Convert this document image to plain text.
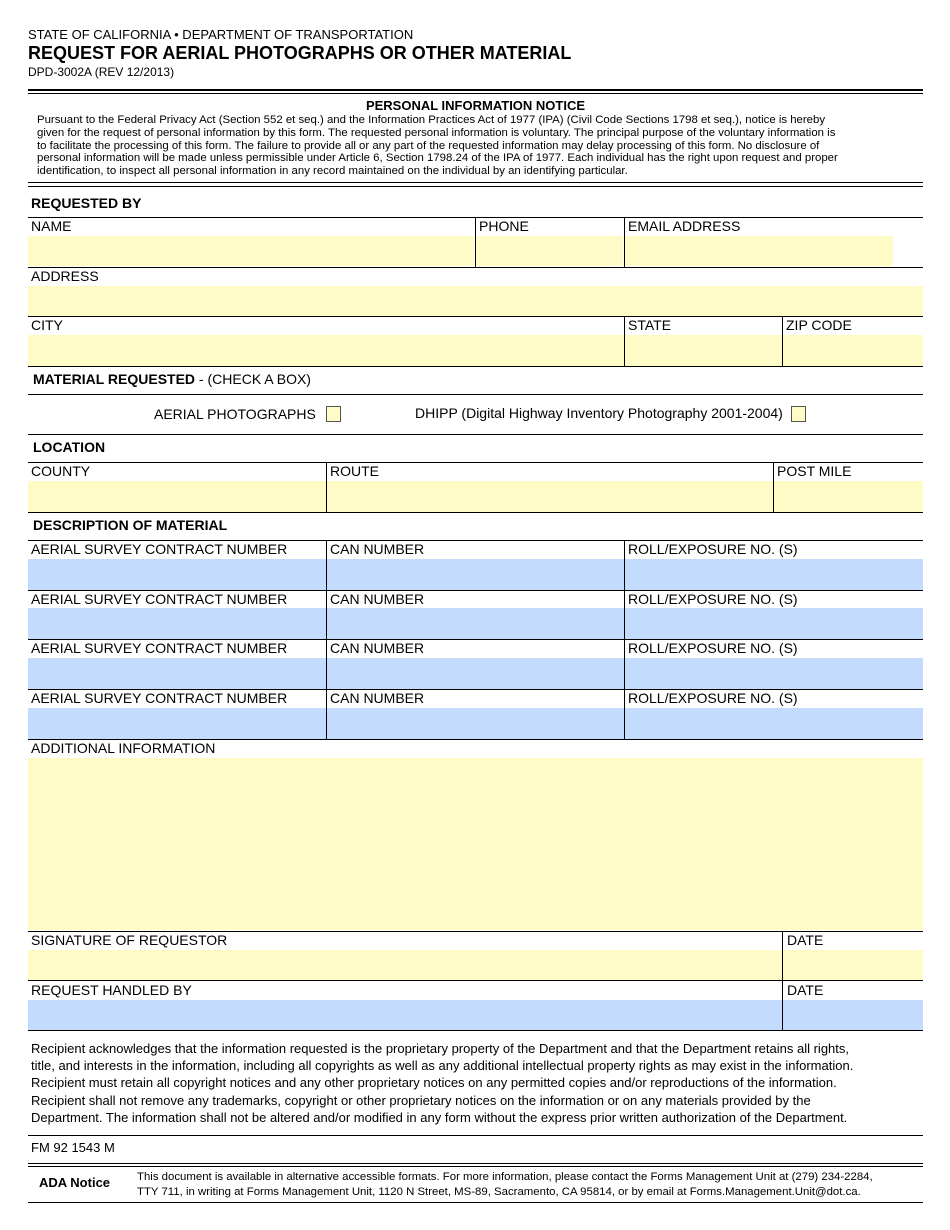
STATE OF CALIFORNIA • DEPARTMENT OF TRANSPORTATION
REQUEST FOR AERIAL PHOTOGRAPHS OR OTHER MATERIAL
DPD-3002A (REV 12/2013)
PERSONAL INFORMATION NOTICE
Pursuant to the Federal Privacy Act (Section 552 et seq.) and the Information Practices Act of 1977 (IPA) (Civil Code Sections 1798 et seq.), notice is hereby
given for the request of personal information by this form. The requested personal information is voluntary. The principal purpose of the voluntary information is
to facilitate the processing of this form. The failure to provide all or any part of the requested information may delay processing of this form. No disclosure of
personal information will be made unless permissible under Article 6, Section 1798.24 of the IPA of 1977. Each individual has the right upon request and proper
identification, to inspect all personal information in any record maintained on the individual by an identifying particular.
REQUESTED BY
NAME	PHONE	EMAIL ADDRESS
ADDRESS
CITY	STATE	ZIP CODE
MATERIAL REQUESTED - (CHECK A BOX)
AERIAL PHOTOGRAPHS	DHIPP (Digital Highway Inventory Photography 2001-2004)
LOCATION
COUNTY	ROUTE	POST MILE
DESCRIPTION OF MATERIAL
AERIAL SURVEY CONTRACT NUMBER	CAN NUMBER	ROLL/EXPOSURE NO. (S)
AERIAL SURVEY CONTRACT NUMBER	CAN NUMBER	ROLL/EXPOSURE NO. (S)
AERIAL SURVEY CONTRACT NUMBER	CAN NUMBER	ROLL/EXPOSURE NO. (S)
AERIAL SURVEY CONTRACT NUMBER	CAN NUMBER	ROLL/EXPOSURE NO. (S)
ADDITIONAL INFORMATION
SIGNATURE OF REQUESTOR	DATE
REQUEST HANDLED BY	DATE
Recipient acknowledges that the information requested is the proprietary property of the Department and that the Department retains all rights,
title, and interests in the information, including all copyrights as well as any additional intellectual property rights as may exist in the information.
Recipient must retain all copyright notices and any other proprietary notices on any permitted copies and/or reproductions of the information.
Recipient shall not remove any trademarks, copyright or other proprietary notices on the information or on any materials provided by the
Department. The information shall not be altered and/or modified in any form without the express prior written authorization of the Department.
FM 92 1543 M
ADA Notice This document is available in alternative accessible formats. For more information, please contact the Forms Management Unit at (279) 234-2284,
TTY 711, in writing at Forms Management Unit, 1120 N Street, MS-89, Sacramento, CA 95814, or by email at Forms.Management.Unit@dot.ca.
